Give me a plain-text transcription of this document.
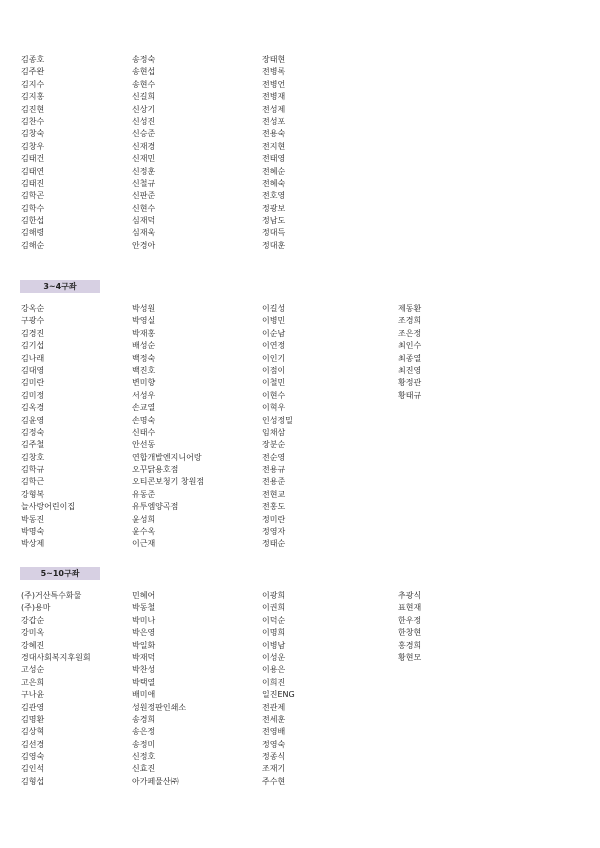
김종호	송정숙	장태현
김주완	송현섭	전병록
김지수	송현수	전병언
김지홍	신길희	전병재
김진현	신상기	전성제
김찬수	신성진	전성포
김창숙	신승준	전용숙
김창우	신재경	전지현
김태건	신재민	전태영
김태연	신정훈	전혜순
김태진	신철규	전혜숙
김학곤	신판준	전호영
김학수	신현수	정광보
김한섭	심재덕	정남도
김해령	심재욱	정대득
김해순	안경아	정대훈
3~4구좌
강옥순	박성원	이길성	제동환
구광수	박영실	이병민	조경희
김경진	박재홍	이순남	조은정
김기섭	배성순	이연정	최인수
김나래	백정숙	이인기	최종열
김대영	백진호	이점이	최진영
김미란	변미향	이철민	황정관
김미정	서성우	이현수	황태규
김옥경	손교열	이혁우
김윤영	손명숙	인성정밀
김정숙	신태수	임채삼
김주철	안선동	장분순
김창호	연합개발엔지니어랑	전순영
김학규	오꾸닭용호점	전용규
김학근	오티콘보청기 창원점	전용준
강형복	유동준	전현교
늘사랑어린이집	유투엠양곡점	전홍도
박동진	윤성희	정미란
박명숙	윤수옥	정영자
박상제	이근재	정태순
5~10구좌
(주)거산특수화물	민혜어	이광희	추광식
(주)용마	박동철	이권희	표현재
강갑순	박미나	이덕순	한우정
강미옥	박은영	이명희	한창현
강혜진	박일화	이병남	홍경희
경대사회복지후원회	박재덕	이성운	황현모
고성순	박찬성	이용은
고은희	박택열	이희진
구나윤	배미애	일진ENG
김관영	성원정판인쇄소	전관제
김명환	송경희	전세훈
김상혁	송은정	전영배
김선경	송정미	정영숙
김영숙	신정호	정종식
김인석	신효진	조재기
김형섭	아가페물산㈜	주수현
